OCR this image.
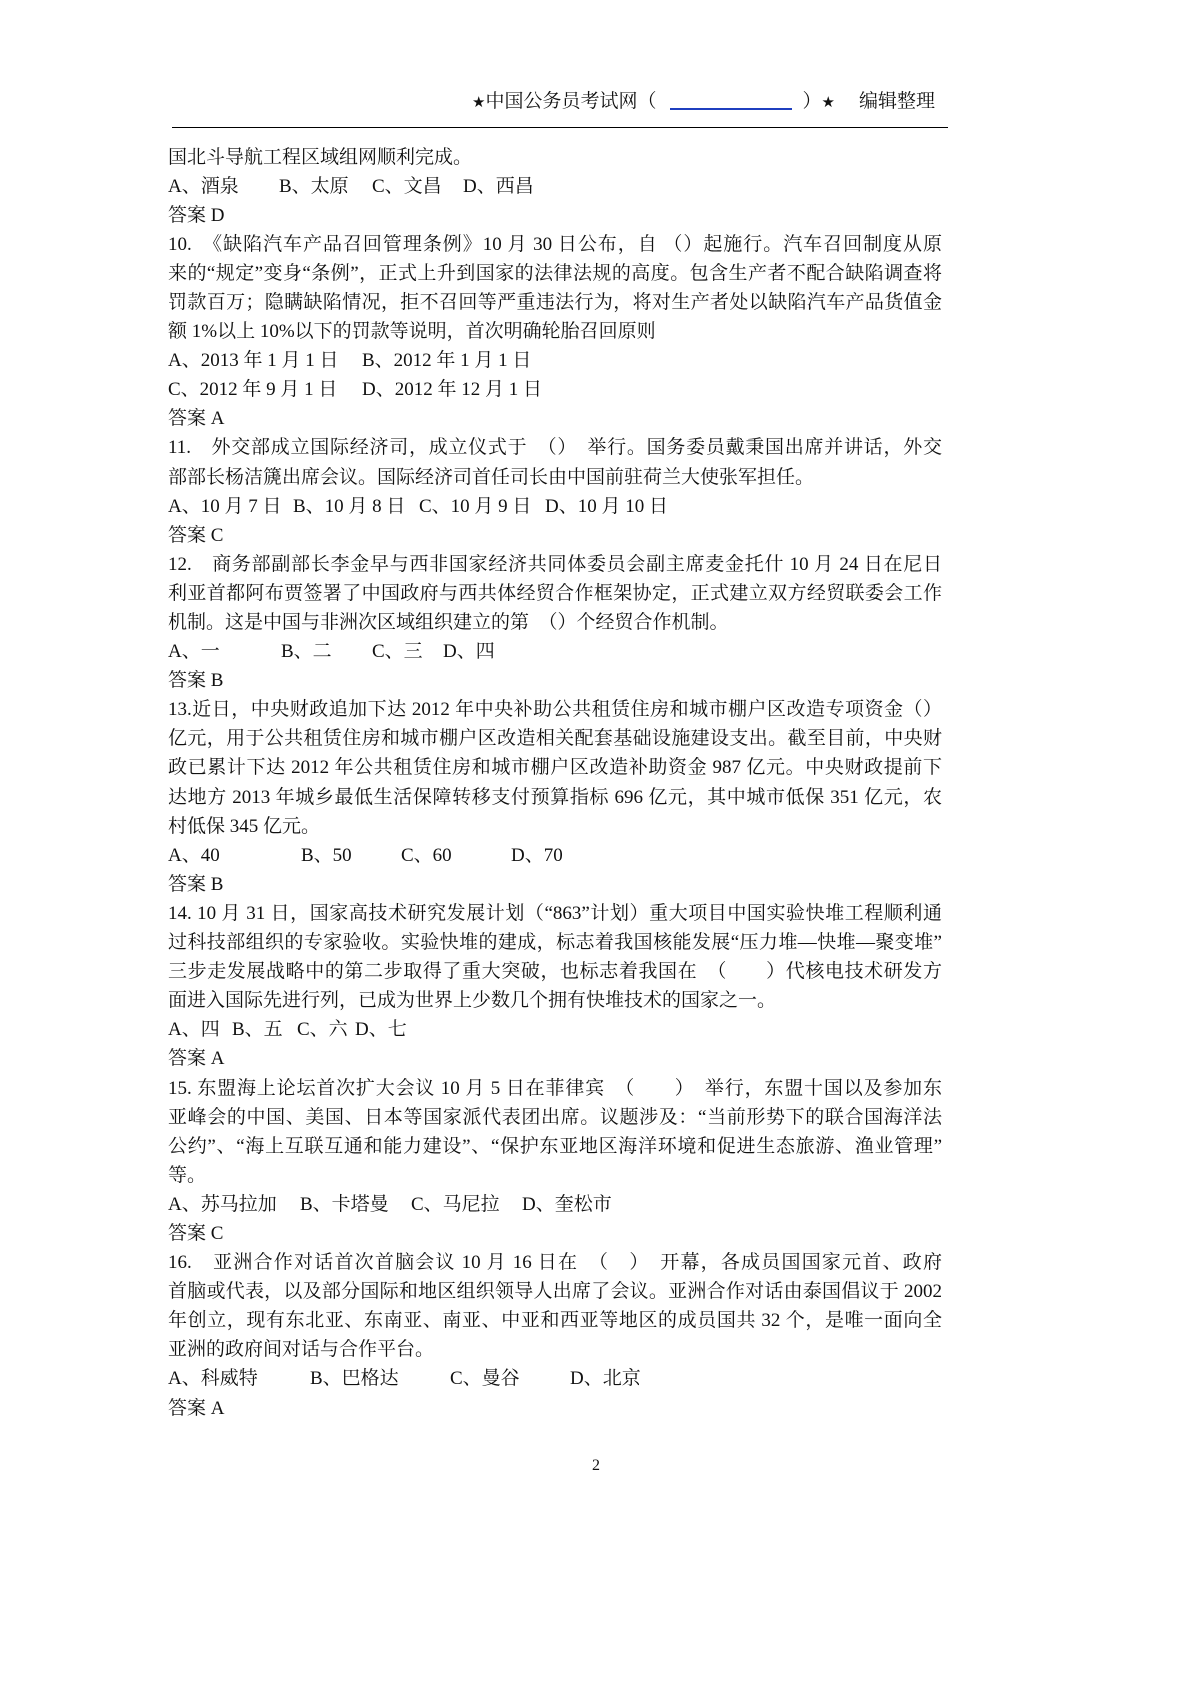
★ 中国公务员考试网（	） ★ 编辑整理
国北斗导航工程区域组网顺利完成。
A、酒泉 B、太原 C、文昌 D、西昌
答案 D
10.　《缺陷汽车产品召回管理条例》10 月 30 日公布，自 （）起施行。汽车召回制度从原
来的“规定”变身“条例”，正式上升到国家的法律法规的高度。包含生产者不配合缺陷调查将
罚款百万；隐瞒缺陷情况，拒不召回等严重违法行为，将对生产者处以缺陷汽车产品货值金
额 1%以上 10%以下的罚款等说明，首次明确轮胎召回原则
A、2013 年 1 月 1 日 B、2012 年 1 月 1 日
C、2012 年 9 月 1 日 D、2012 年 12 月 1 日
答案 A
11.　外交部成立国际经济司，成立仪式于　（）　举行。国务委员戴秉国出席并讲话，外交
部部长杨洁篪出席会议。国际经济司首任司长由中国前驻荷兰大使张军担任。
A、10 月 7 日 B、10 月 8 日 C、10 月 9 日 D、10 月 10 日
答案 C
12.　商务部副部长李金早与西非国家经济共同体委员会副主席麦金托什 10 月 24 日在尼日
利亚首都阿布贾签署了中国政府与西共体经贸合作框架协定，正式建立双方经贸联委会工作
机制。这是中国与非洲次区域组织建立的第　（）个经贸合作机制。
A、一	B、二 C、三 D、四
答案 B
13.近日，中央财政追加下达 2012 年中央补助公共租赁住房和城市棚户区改造专项资金（）
亿元，用于公共租赁住房和城市棚户区改造相关配套基础设施建设支出。截至目前，中央财
政已累计下达 2012 年公共租赁住房和城市棚户区改造补助资金 987 亿元。中央财政提前下
达地方 2013 年城乡最低生活保障转移支付预算指标 696 亿元，其中城市低保 351 亿元，农
村低保 345 亿元。
A、40	B、50	C、60	D、70
答案 B
14. 10 月 31 日，国家高技术研究发展计划（“863”计划）重大项目中国实验快堆工程顺利通
过科技部组织的专家验收。实验快堆的建成，标志着我国核能发展“压力堆—快堆—聚变堆”
三步走发展战略中的第二步取得了重大突破，也标志着我国在　（　　）代核电技术研发方
面进入国际先进行列，已成为世界上少数几个拥有快堆技术的国家之一。
A、四 B、五 C、六 D、七
答案 A
15. 东盟海上论坛首次扩大会议 10 月 5 日在菲律宾　（　　）　举行，东盟十国以及参加东
亚峰会的中国、美国、日本等国家派代表团出席。议题涉及：“当前形势下的联合国海洋法
公约”、“海上互联互通和能力建设”、“保护东亚地区海洋环境和促进生态旅游、渔业管理”
等。
A、苏马拉加 B、卡塔曼 C、马尼拉 D、奎松市
答案 C
16.　亚洲合作对话首次首脑会议 10 月 16 日在　（　）　开幕，各成员国国家元首、政府
首脑或代表，以及部分国际和地区组织领导人出席了会议。亚洲合作对话由泰国倡议于 2002
年创立，现有东北亚、东南亚、南亚、中亚和西亚等地区的成员国共 32 个，是唯一面向全
亚洲的政府间对话与合作平台。
A、科威特	B、巴格达	C、曼谷	D、北京
答案 A
2
